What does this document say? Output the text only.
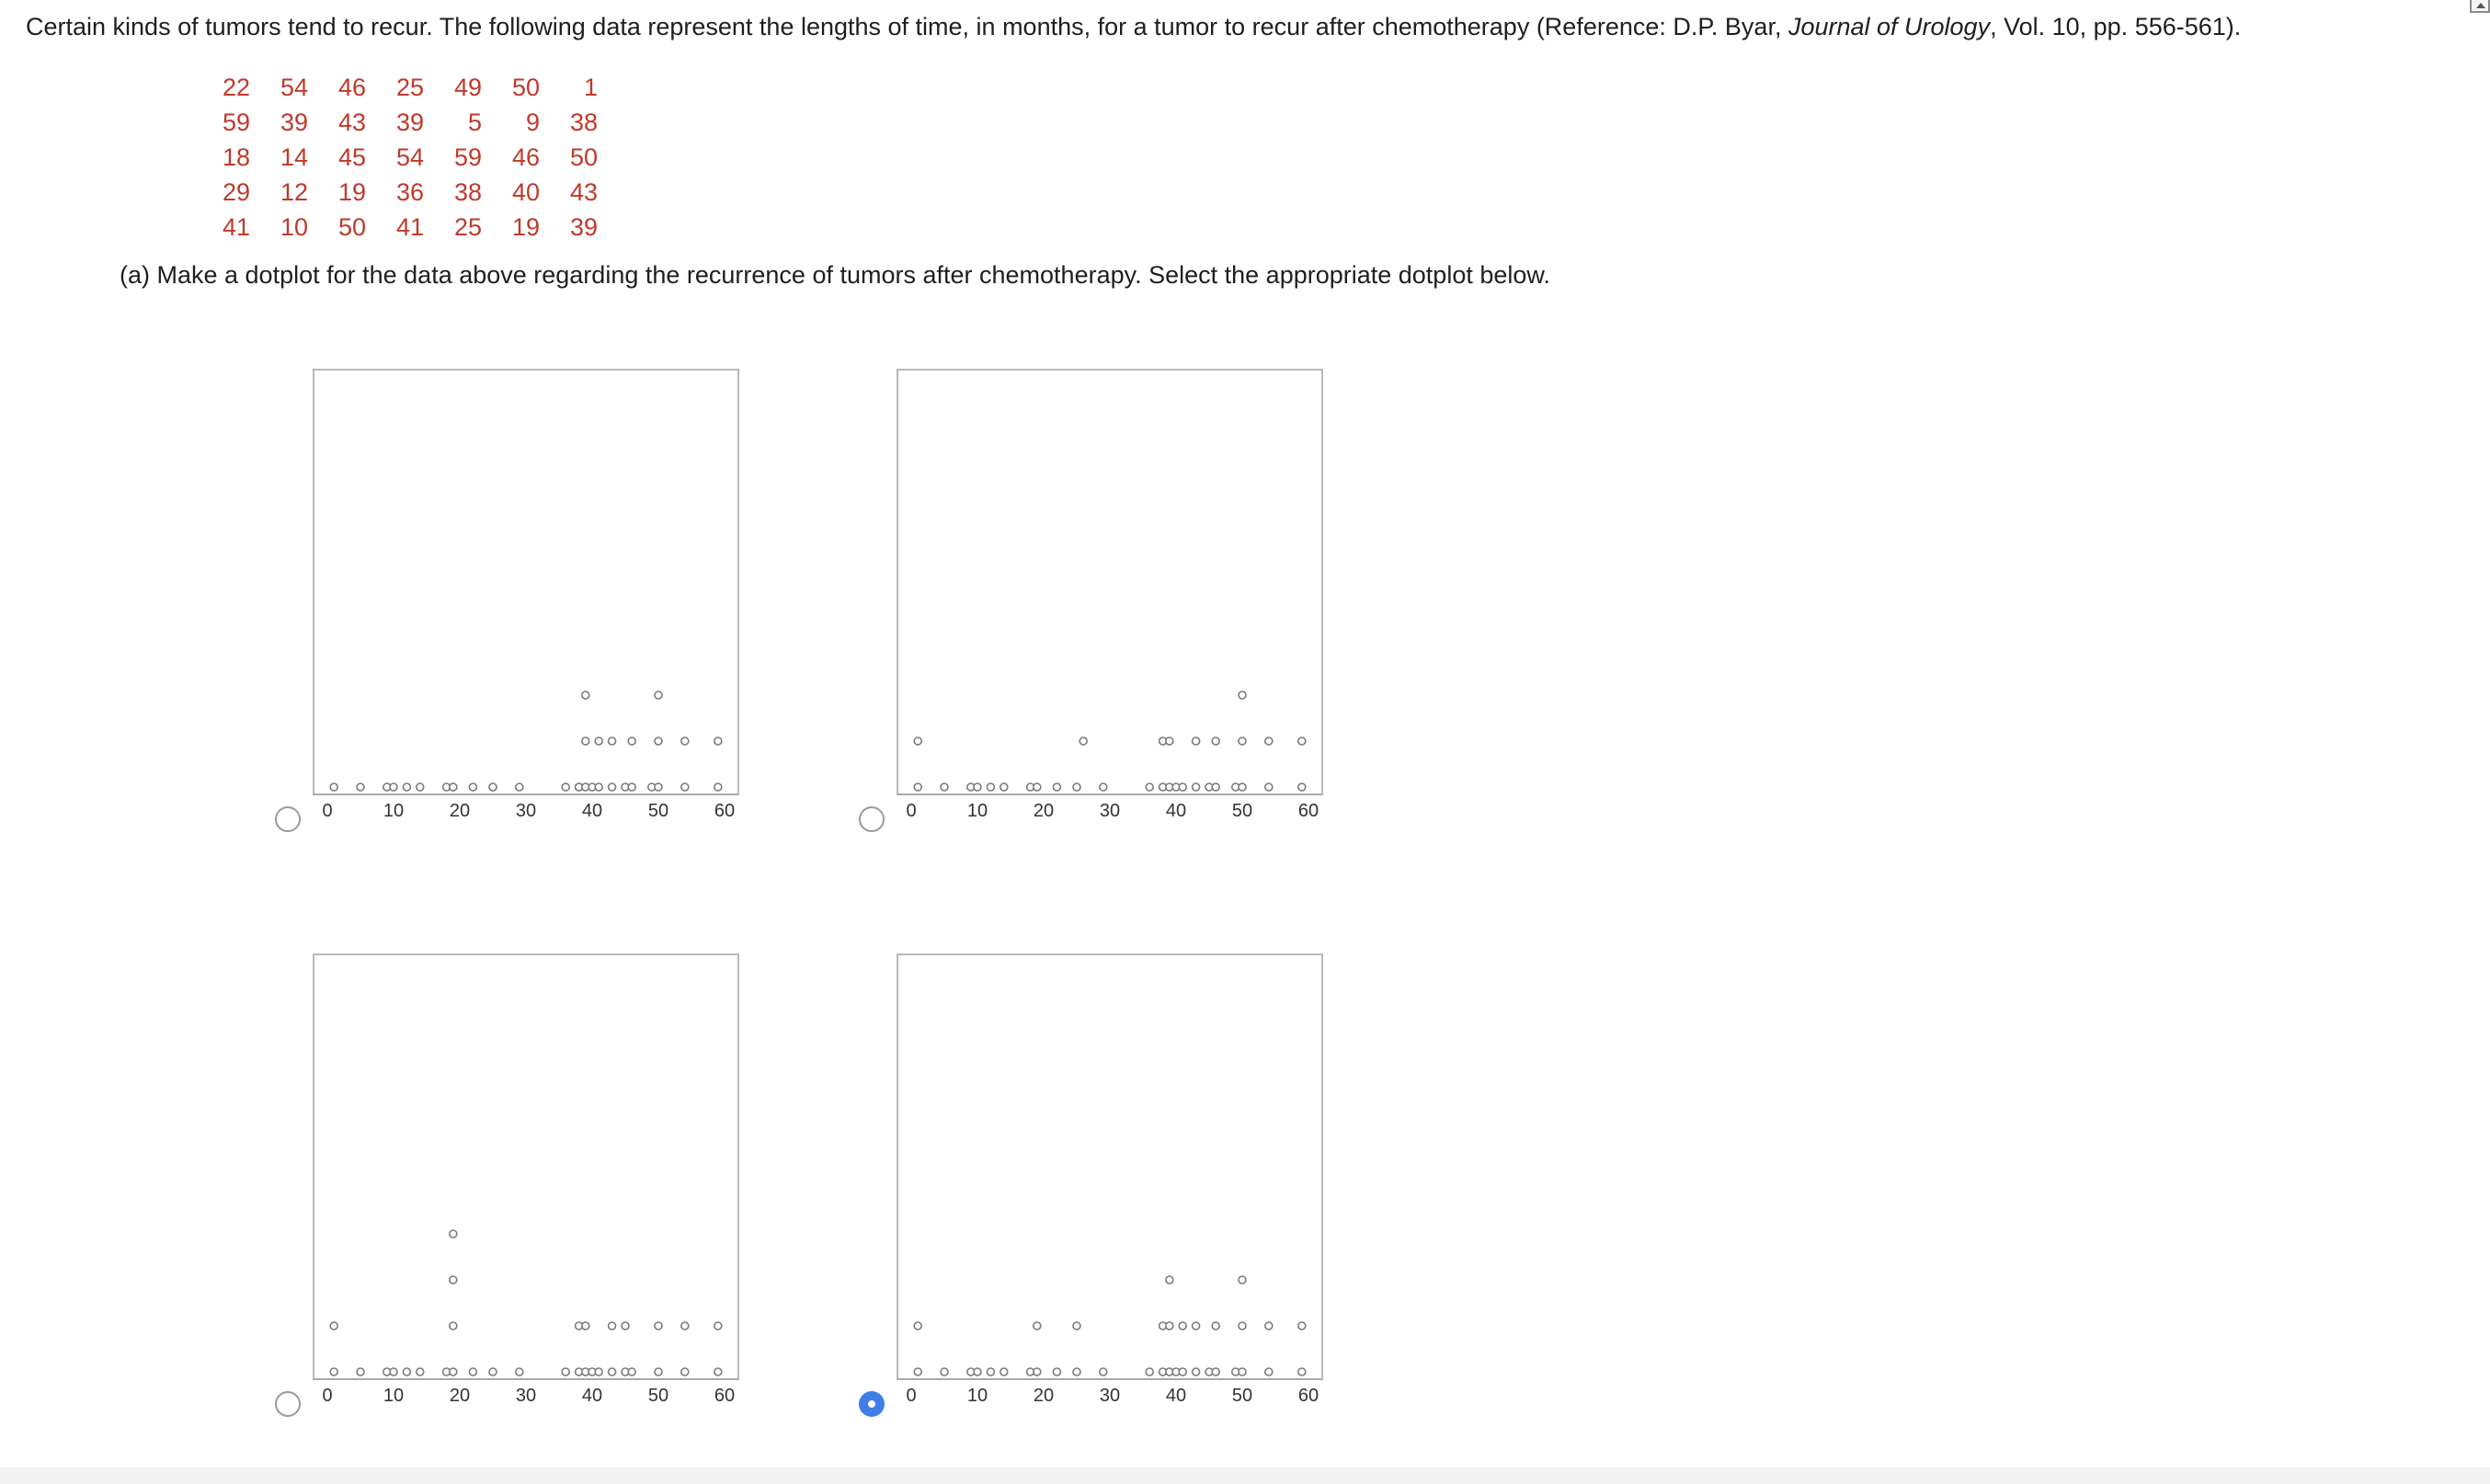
Certain kinds of tumors tend to recur. The following data represent the lengths of time, in months, for a tumor to recur after chemotherapy (Reference: D.P. Byar, Journal of Urology, Vol. 10, pp. 556-561).
22	54	46	25	49	50	1
59	39	43	39	5	9	38
18	14	45	54	59	46	50
29	12	19	36	38	40	43
41	10	50	41	25	19	39
(a) Make a dotplot for the data above regarding the recurrence of tumors after chemotherapy. Select the appropriate dotplot below.
0	10 20 30 40 50 60	0	10 20 30 40 50 60
0	10 20 30 40 50 60	0	10 20 30 40 50 60
